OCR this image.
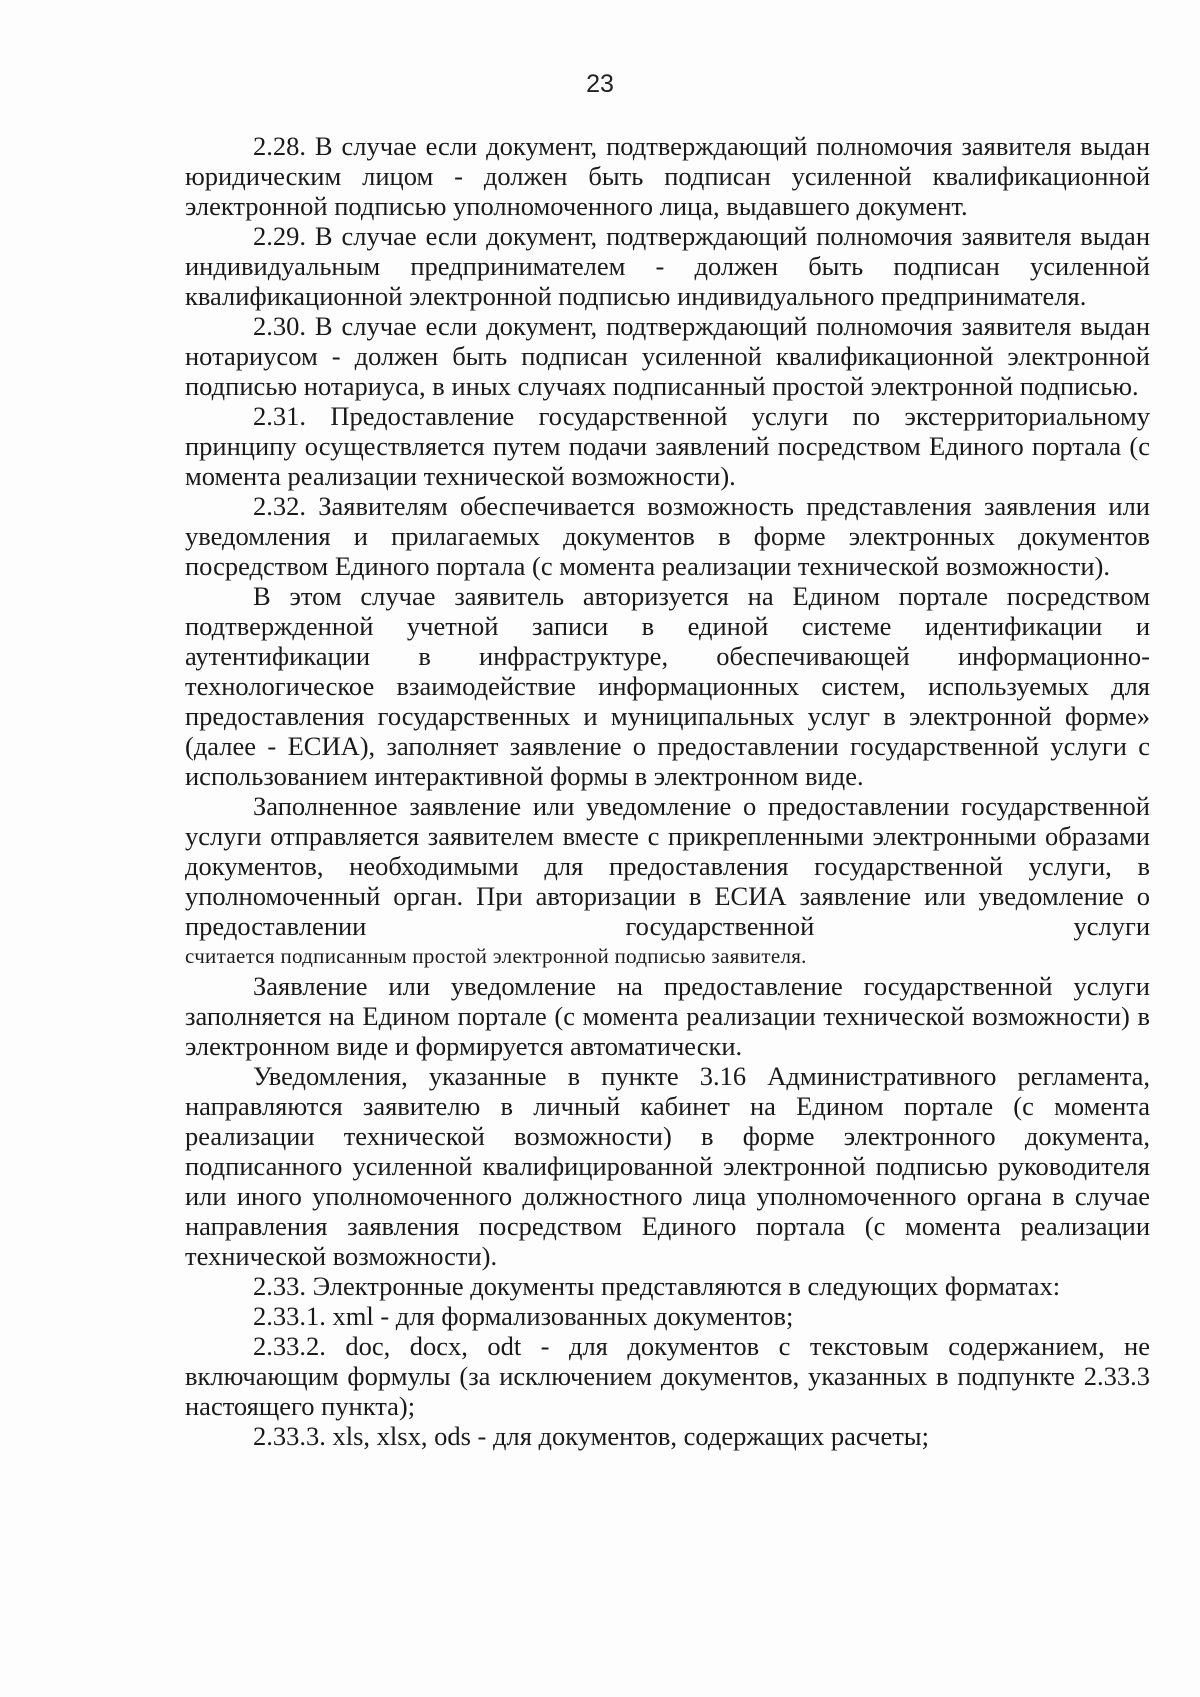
23

2.28. В случае если документ, подтверждающий полномочия заявителя выдан юридическим лицом - должен быть подписан усиленной квалификационной электронной подписью уполномоченного лица, выдавшего документ.

2.29. В случае если документ, подтверждающий полномочия заявителя выдан индивидуальным предпринимателем - должен быть подписан усиленной квалификационной электронной подписью индивидуального предпринимателя.

2.30. В случае если документ, подтверждающий полномочия заявителя выдан нотариусом - должен быть подписан усиленной квалификационной электронной подписью нотариуса, в иных случаях подписанный простой электронной подписью.

2.31. Предоставление государственной услуги по экстерриториальному принципу осуществляется путем подачи заявлений посредством Единого портала (с момента реализации технической возможности).

2.32. Заявителям обеспечивается возможность представления заявления или уведомления и прилагаемых документов в форме электронных документов посредством Единого портала (с момента реализации технической возможности).

В этом случае заявитель авторизуется на Едином портале посредством подтвержденной учетной записи в единой системе идентификации и аутентификации в инфраструктуре, обеспечивающей информационно-технологическое взаимодействие информационных систем, используемых для предоставления государственных и муниципальных услуг в электронной форме» (далее - ЕСИА), заполняет заявление о предоставлении государственной услуги с использованием интерактивной формы в электронном виде.

Заполненное заявление или уведомление о предоставлении государственной услуги отправляется заявителем вместе с прикрепленными электронными образами документов, необходимыми для предоставления государственной услуги, в уполномоченный орган. При авторизации в ЕСИА заявление или уведомление о предоставлении государственной услуги

считается подписанным простой электронной подписью заявителя.

Заявление или уведомление на предоставление государственной услуги заполняется на Едином портале (с момента реализации технической возможности) в электронном виде и формируется автоматически.

Уведомления, указанные в пункте 3.16 Административного регламента, направляются заявителю в личный кабинет на Едином портале (с момента реализации технической возможности) в форме электронного документа, подписанного усиленной квалифицированной электронной подписью руководителя или иного уполномоченного должностного лица уполномоченного органа в случае направления заявления посредством Единого портала (с момента реализации технической возможности).

2.33. Электронные документы представляются в следующих форматах:

2.33.1. xml - для формализованных документов;

2.33.2. doc, docx, odt - для документов с текстовым содержанием, не включающим формулы (за исключением документов, указанных в подпункте 2.33.3 настоящего пункта);

2.33.3. xls, xlsx, ods - для документов, содержащих расчеты;
